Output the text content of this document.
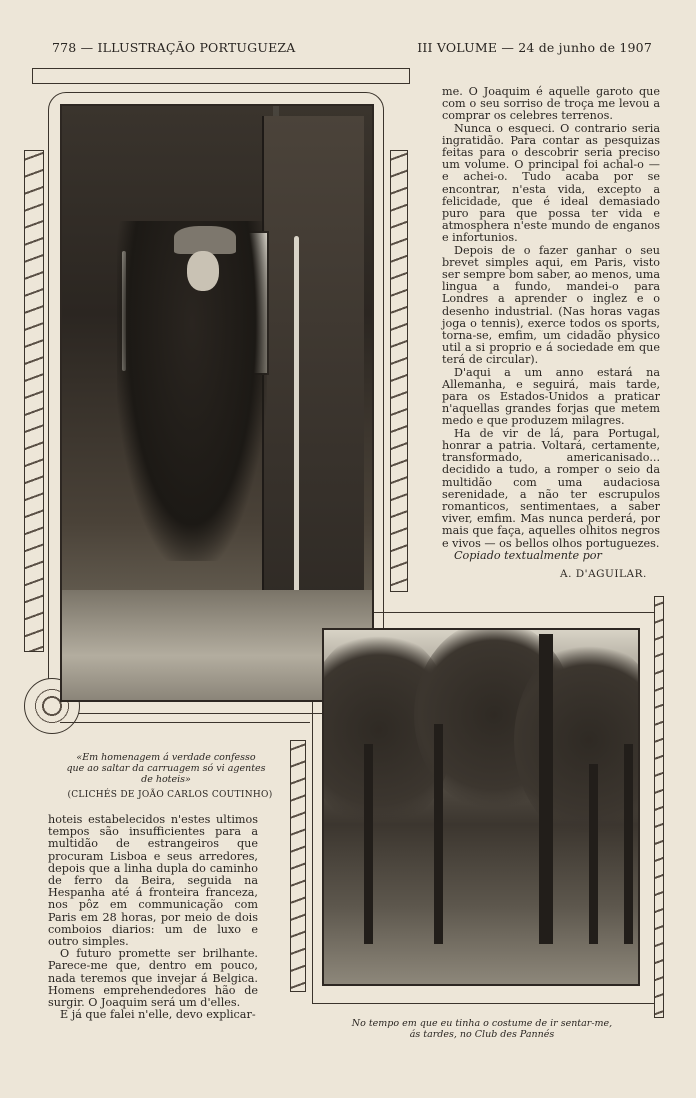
778 — ILLUSTRAÇÃO PORTUGUEZA	III VOLUME — 24 de junho de 1907
«Em homenagem á verdade confesso
que ao saltar da carruagem só vi agentes
de hoteis»
(CLICHÉS DE JOÃO CARLOS COUTINHO)
No tempo em que eu tinha o costume de ir sentar-me,
ás tardes, no Club des Pannés

me. O Joaquim é aquelle garoto que com o seu sorriso de troça me levou a comprar os celebres terrenos.

Nunca o esqueci. O contrario seria ingratidão. Para contar as pesquizas feitas para o descobrir seria preciso um volume. O principal foi achal-o — e achei-o. Tudo acaba por se encontrar, n'esta vida, excepto a felicidade, que é ideal demasiado puro para que possa ter vida e atmosphera n'este mundo de enganos e infortunios.

Depois de o fazer ganhar o seu brevet simples aqui, em Paris, visto ser sempre bom saber, ao menos, uma lingua a fundo, mandei-o para Londres a aprender o inglez e o desenho industrial. (Nas horas vagas joga o tennis), exerce todos os sports, torna-se, emfim, um cidadão physico util a si proprio e á sociedade em que terá de circular).

D'aqui a um anno estará na Allemanha, e seguirá, mais tarde, para os Estados-Unidos a praticar n'aquellas grandes forjas que metem medo e que produzem milagres.

Ha de vir de lá, para Portugal, honrar a patria. Voltará, certamente, transformado, americanisado... decidido a tudo, a romper o seio da multidão com uma audaciosa serenidade, a não ter escrupulos romanticos, sentimentaes, a saber viver, emfim. Mas nunca perderá, por mais que faça, aquelles olhitos negros e vivos — os bellos olhos portuguezes.

Copiado textualmente por

A. D'AGUILAR.

hoteis estabelecidos n'estes ultimos tempos são insufficientes para a multidão de estrangeiros que procuram Lisboa e seus arredores, depois que a linha dupla do caminho de ferro da Beira, seguida na Hespanha até á fronteira franceza, nos pôz em communicação com Paris em 28 horas, por meio de dois comboios diarios: um de luxo e outro simples.

O futuro promette ser brilhante. Parece-me que, dentro em pouco, nada teremos que invejar á Belgica. Homens emprehendedores hão de surgir. O Joaquim será um d'elles.

E já que falei n'elle, devo explicar-
